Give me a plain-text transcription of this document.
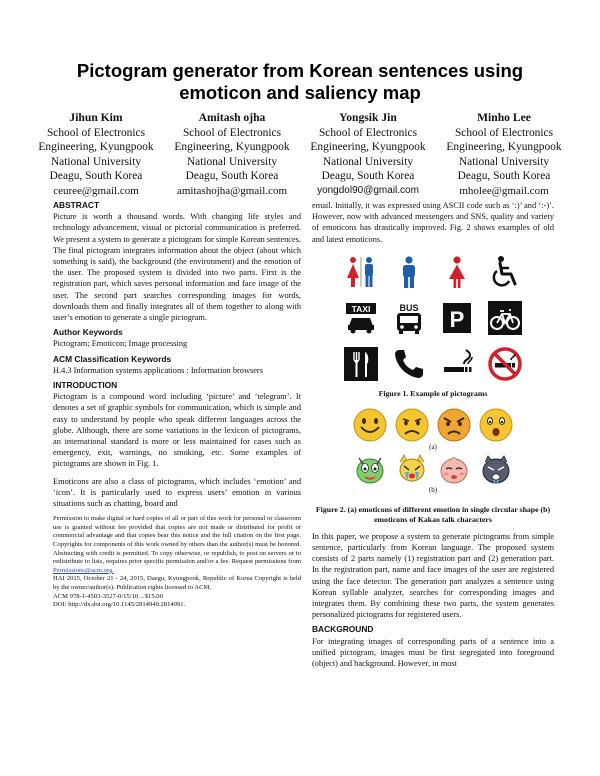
Pictogram generator from Korean sentences using
emoticon and saliency map
Jihun Kim
School of Electronics
Engineering, Kyungpook
National University
Deagu, South Korea
ceuree@gmail.com
Amitash ojha
School of Electronics
Engineering, Kyungpook
National University
Deagu, South Korea
amitashojha@gmail.com
Yongsik Jin
School of Electronics
Engineering, Kyungpook
National University
Deagu, South Korea
yongdol90@gmail.com
Minho Lee
School of Electronics
Engineering, Kyungpook
National University
Deagu, South Korea
mholee@gmail.com
ABSTRACT

Picture is worth a thousand words. With changing life styles and technology advancement, visual or pictorial communication is preferred. We present a system to generate a pictogram for simple Korean sentences. The final pictogram integrates information about the object (about which something is said), the background (the environment) and the emotion of the user. The proposed system is divided into two parts. First is the registration part, which saves personal information and face image of the user. The second part searches corresponding images for words, downloads them and finally integrates all of them together to along with user’s emotion to generate a single pictogram.

Author Keywords

Pictogram; Emoticon; Image processing

ACM Classification Keywords

H.4.3 Information systems applications : Information browsers

INTRODUCTION

Pictogram is a compound word including ‘picture’ and ‘telegram’. It denotes a set of graphic symbols for communication, which is simple and easy to understand by people who speak different languages across the globe. Although, there are some variations in the lexicon of pictograms, an international standard is more or less maintained for cases such as emergency, exit, warnings, no smoking, etc. Some examples of pictograms are shown in Fig. 1.

Emoticons are also a class of pictograms, which includes ‘emotion’ and ‘icon’. It is particularly used to express users’ emotion in various situations such as chatting, board and

Permission to make digital or hard copies of all or part of this work for personal or classroom use is granted without fee provided that copies are not made or distributed for profit or commercial advantage and that copies bear this notice and the full citation on the first page. Copyrights for components of this work owned by others than the author(s) must be honored. Abstracting with credit is permitted. To copy otherwise, or republish, to post on servers or to redistribute to lists, requires prior specific permission and/or a fee. Request permissions from Permissions@acm.org.

HAI 2015, October 21 - 24, 2015, Daegu, Kyungpook, Republic of Korea Copyright is held by the owner/author(s). Publication rights licensed to ACM.

ACM 978-1-4503-3527-0/15/10…$15.00

DOI: http://dx.doi.org/10.1145/2814940.2814991.

email. Initially, it was expressed using ASCII code such as ‘:)’ and ‘:-)’. However, now with advanced messengers and SNS, quality and variety of emoticons has drastically improved. Fig. 2 shows examples of old and latest emoticons.

TAXI	BUS P
Figure 1. Example of pictograms
(a)
(b)
Figure 2. (a) emoticons of different emotion in single circular shape (b) emoticons of Kakao talk characters

In this paper, we propose a system to generate pictograms from simple sentence, particularly from Korean language. The proposed system consists of 2 parts namely (1) registration part and (2) generation part. In the registration part, name and face images of the user are registered using the face detector. The generation part analyzes a sentence using Korean syllable analyzer, searches for corresponding images and integrates them. By combining these two parts, the system generates personalized pictograms for registered users.

BACKGROUND

For integrating images of corresponding parts of a sentence into a unified pictogram, images must be first segregated into foreground (object) and background. However, in most
